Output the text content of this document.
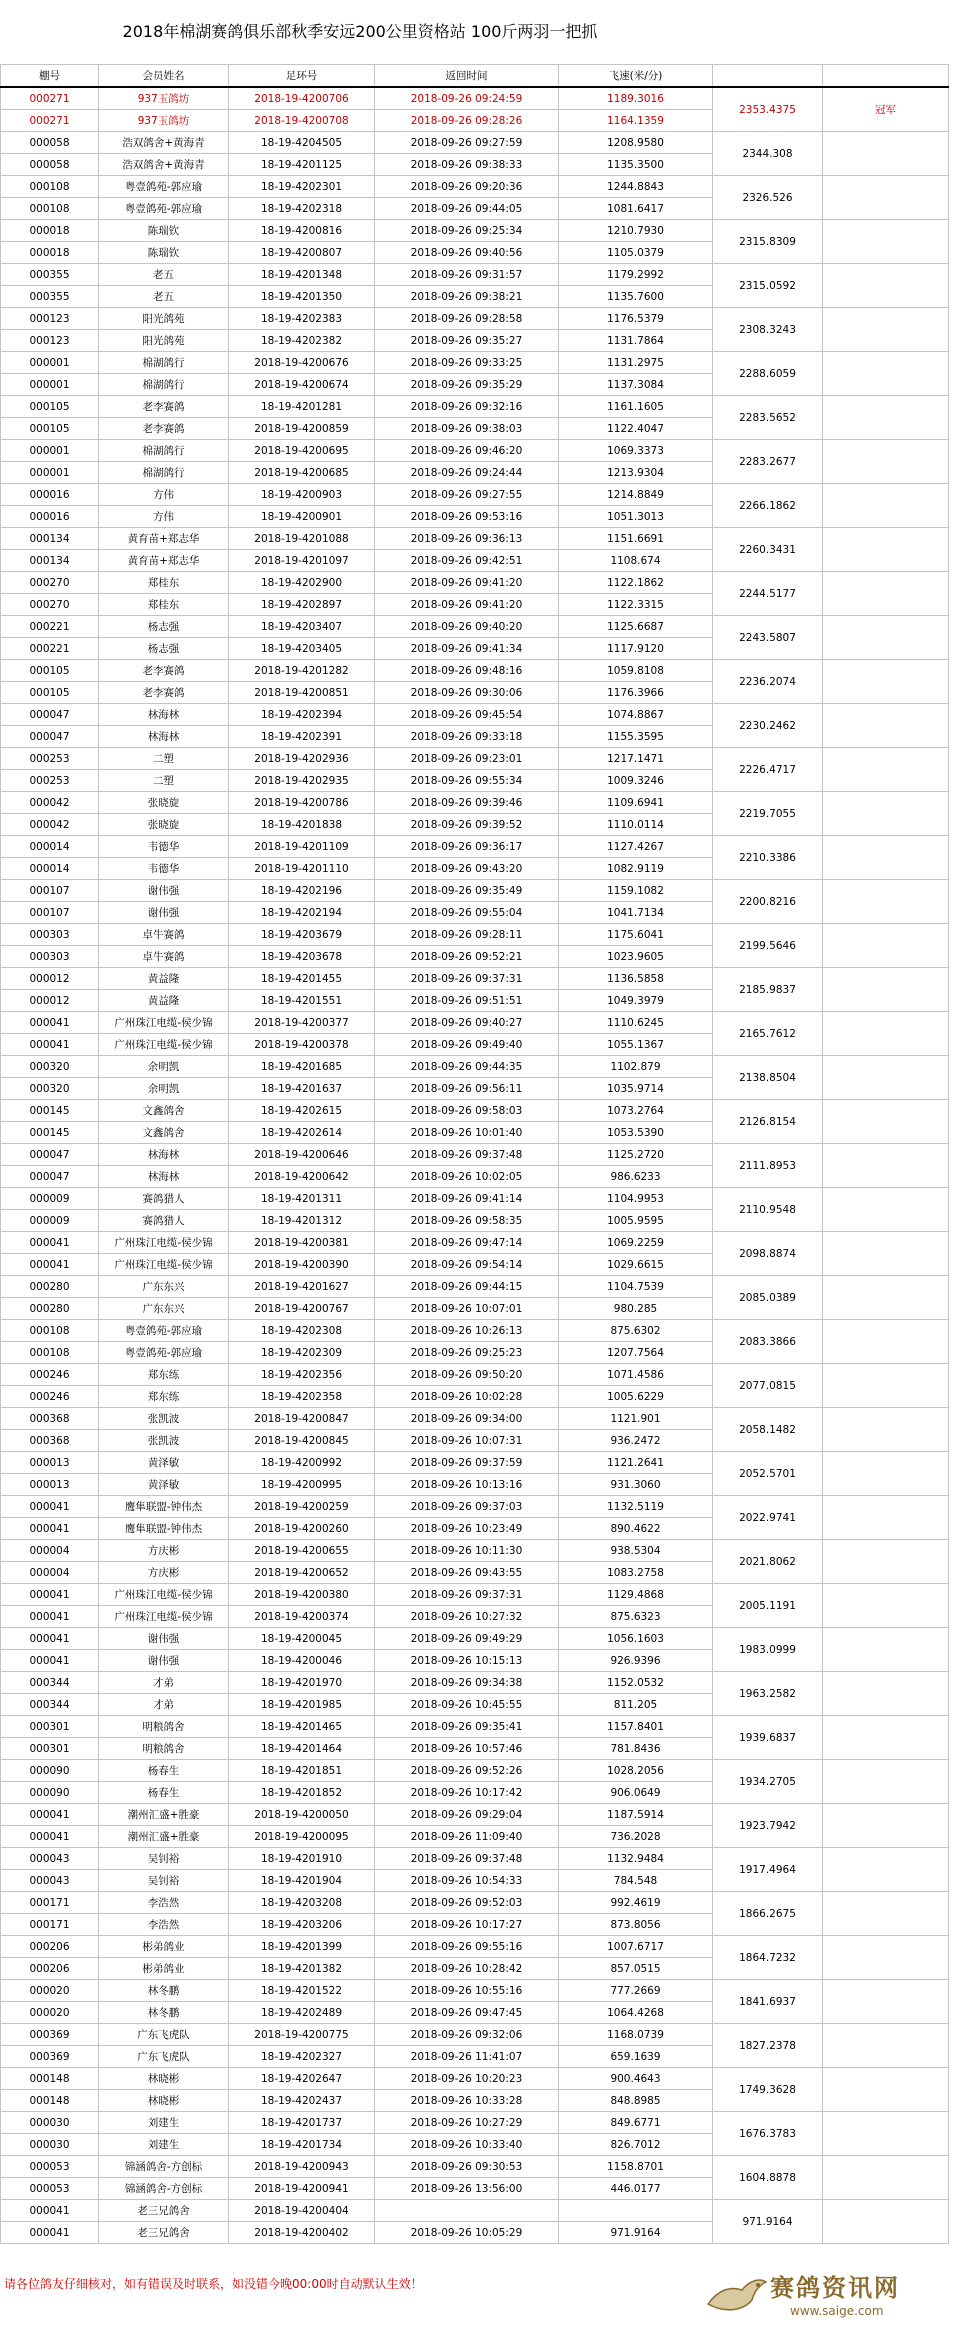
2018年棉湖赛鸽俱乐部秋季安远200公里资格站 100斤两羽一把抓
棚号	会员姓名	足环号	返回时间	飞速(米/分)		
000271	937玉鸽坊	2018-19-4200706	2018-09-26 09:24:59	1189.3016	2353.4375	冠军
000271	937玉鸽坊	2018-19-4200708	2018-09-26 09:28:26	1164.1359		
000058	浩双鸽舍+黄海青	18-19-4204505	2018-09-26 09:27:59	1208.9580	2344.308	
000058	浩双鸽舍+黄海青	18-19-4201125	2018-09-26 09:38:33	1135.3500		
000108	粤壹鸽苑-郭应瑜	18-19-4202301	2018-09-26 09:20:36	1244.8843	2326.526	
000108	粤壹鸽苑-郭应瑜	18-19-4202318	2018-09-26 09:44:05	1081.6417		
000018	陈瑞钦	18-19-4200816	2018-09-26 09:25:34	1210.7930	2315.8309	
000018	陈瑞钦	18-19-4200807	2018-09-26 09:40:56	1105.0379		
000355	老五	18-19-4201348	2018-09-26 09:31:57	1179.2992	2315.0592	
000355	老五	18-19-4201350	2018-09-26 09:38:21	1135.7600		
000123	阳光鸽苑	18-19-4202383	2018-09-26 09:28:58	1176.5379	2308.3243	
000123	阳光鸽苑	18-19-4202382	2018-09-26 09:35:27	1131.7864		
000001	棉湖鸽行	2018-19-4200676	2018-09-26 09:33:25	1131.2975	2288.6059	
000001	棉湖鸽行	2018-19-4200674	2018-09-26 09:35:29	1137.3084		
000105	老李赛鸽	18-19-4201281	2018-09-26 09:32:16	1161.1605	2283.5652	
000105	老李赛鸽	2018-19-4200859	2018-09-26 09:38:03	1122.4047		
000001	棉湖鸽行	2018-19-4200695	2018-09-26 09:46:20	1069.3373	2283.2677	
000001	棉湖鸽行	2018-19-4200685	2018-09-26 09:24:44	1213.9304		
000016	方伟	18-19-4200903	2018-09-26 09:27:55	1214.8849	2266.1862	
000016	方伟	18-19-4200901	2018-09-26 09:53:16	1051.3013		
000134	黄育苗+郑志华	2018-19-4201088	2018-09-26 09:36:13	1151.6691	2260.3431	
000134	黄育苗+郑志华	2018-19-4201097	2018-09-26 09:42:51	1108.674		
000270	郑桂东	18-19-4202900	2018-09-26 09:41:20	1122.1862	2244.5177	
000270	郑桂东	18-19-4202897	2018-09-26 09:41:20	1122.3315		
000221	杨志强	18-19-4203407	2018-09-26 09:40:20	1125.6687	2243.5807	
000221	杨志强	18-19-4203405	2018-09-26 09:41:34	1117.9120		
000105	老李赛鸽	2018-19-4201282	2018-09-26 09:48:16	1059.8108	2236.2074	
000105	老李赛鸽	2018-19-4200851	2018-09-26 09:30:06	1176.3966		
000047	林海林	18-19-4202394	2018-09-26 09:45:54	1074.8867	2230.2462	
000047	林海林	18-19-4202391	2018-09-26 09:33:18	1155.3595		
000253	二塑	2018-19-4202936	2018-09-26 09:23:01	1217.1471	2226.4717	
000253	二塑	2018-19-4202935	2018-09-26 09:55:34	1009.3246		
000042	张晓旋	2018-19-4200786	2018-09-26 09:39:46	1109.6941	2219.7055	
000042	张晓旋	18-19-4201838	2018-09-26 09:39:52	1110.0114		
000014	韦德华	2018-19-4201109	2018-09-26 09:36:17	1127.4267	2210.3386	
000014	韦德华	2018-19-4201110	2018-09-26 09:43:20	1082.9119		
000107	谢伟强	18-19-4202196	2018-09-26 09:35:49	1159.1082	2200.8216	
000107	谢伟强	18-19-4202194	2018-09-26 09:55:04	1041.7134		
000303	卓牛赛鸽	18-19-4203679	2018-09-26 09:28:11	1175.6041	2199.5646	
000303	卓牛赛鸽	18-19-4203678	2018-09-26 09:52:21	1023.9605		
000012	黄益隆	18-19-4201455	2018-09-26 09:37:31	1136.5858	2185.9837	
000012	黄益隆	18-19-4201551	2018-09-26 09:51:51	1049.3979		
000041	广州珠江电缆-侯少锦	2018-19-4200377	2018-09-26 09:40:27	1110.6245	2165.7612	
000041	广州珠江电缆-侯少锦	2018-19-4200378	2018-09-26 09:49:40	1055.1367		
000320	余明凯	18-19-4201685	2018-09-26 09:44:35	1102.879	2138.8504	
000320	余明凯	18-19-4201637	2018-09-26 09:56:11	1035.9714		
000145	文鑫鸽舍	18-19-4202615	2018-09-26 09:58:03	1073.2764	2126.8154	
000145	文鑫鸽舍	18-19-4202614	2018-09-26 10:01:40	1053.5390		
000047	林海林	2018-19-4200646	2018-09-26 09:37:48	1125.2720	2111.8953	
000047	林海林	2018-19-4200642	2018-09-26 10:02:05	986.6233		
000009	赛鸽猎人	18-19-4201311	2018-09-26 09:41:14	1104.9953	2110.9548	
000009	赛鸽猎人	18-19-4201312	2018-09-26 09:58:35	1005.9595		
000041	广州珠江电缆-侯少锦	2018-19-4200381	2018-09-26 09:47:14	1069.2259	2098.8874	
000041	广州珠江电缆-侯少锦	2018-19-4200390	2018-09-26 09:54:14	1029.6615		
000280	广东东兴	2018-19-4201627	2018-09-26 09:44:15	1104.7539	2085.0389	
000280	广东东兴	2018-19-4200767	2018-09-26 10:07:01	980.285		
000108	粤壹鸽苑-郭应瑜	18-19-4202308	2018-09-26 10:26:13	875.6302	2083.3866	
000108	粤壹鸽苑-郭应瑜	18-19-4202309	2018-09-26 09:25:23	1207.7564		
000246	郑东练	18-19-4202356	2018-09-26 09:50:20	1071.4586	2077.0815	
000246	郑东练	18-19-4202358	2018-09-26 10:02:28	1005.6229		
000368	张凯波	2018-19-4200847	2018-09-26 09:34:00	1121.901	2058.1482	
000368	张凯波	2018-19-4200845	2018-09-26 10:07:31	936.2472		
000013	黄泽敏	18-19-4200992	2018-09-26 09:37:59	1121.2641	2052.5701	
000013	黄泽敏	18-19-4200995	2018-09-26 10:13:16	931.3060		
000041	鹰隼联盟-钟伟杰	2018-19-4200259	2018-09-26 09:37:03	1132.5119	2022.9741	
000041	鹰隼联盟-钟伟杰	2018-19-4200260	2018-09-26 10:23:49	890.4622		
000004	方庆彬	2018-19-4200655	2018-09-26 10:11:30	938.5304	2021.8062	
000004	方庆彬	2018-19-4200652	2018-09-26 09:43:55	1083.2758		
000041	广州珠江电缆-侯少锦	2018-19-4200380	2018-09-26 09:37:31	1129.4868	2005.1191	
000041	广州珠江电缆-侯少锦	2018-19-4200374	2018-09-26 10:27:32	875.6323		
000041	谢伟强	18-19-4200045	2018-09-26 09:49:29	1056.1603	1983.0999	
000041	谢伟强	18-19-4200046	2018-09-26 10:15:13	926.9396		
000344	才弟	18-19-4201970	2018-09-26 09:34:38	1152.0532	1963.2582	
000344	才弟	18-19-4201985	2018-09-26 10:45:55	811.205		
000301	明粮鸽舍	18-19-4201465	2018-09-26 09:35:41	1157.8401	1939.6837	
000301	明粮鸽舍	18-19-4201464	2018-09-26 10:57:46	781.8436		
000090	杨春生	18-19-4201851	2018-09-26 09:52:26	1028.2056	1934.2705	
000090	杨春生	18-19-4201852	2018-09-26 10:17:42	906.0649		
000041	潮州汇盛+胜豪	2018-19-4200050	2018-09-26 09:29:04	1187.5914	1923.7942	
000041	潮州汇盛+胜豪	2018-19-4200095	2018-09-26 11:09:40	736.2028		
000043	吴钊裕	18-19-4201910	2018-09-26 09:37:48	1132.9484	1917.4964	
000043	吴钊裕	18-19-4201904	2018-09-26 10:54:33	784.548		
000171	李浩然	18-19-4203208	2018-09-26 09:52:03	992.4619	1866.2675	
000171	李浩然	18-19-4203206	2018-09-26 10:17:27	873.8056		
000206	彬弟鸽业	18-19-4201399	2018-09-26 09:55:16	1007.6717	1864.7232	
000206	彬弟鸽业	18-19-4201382	2018-09-26 10:28:42	857.0515		
000020	林冬鹏	18-19-4201522	2018-09-26 10:55:16	777.2669	1841.6937	
000020	林冬鹏	18-19-4202489	2018-09-26 09:47:45	1064.4268		
000369	广东飞虎队	2018-19-4200775	2018-09-26 09:32:06	1168.0739	1827.2378	
000369	广东飞虎队	18-19-4202327	2018-09-26 11:41:07	659.1639		
000148	林晓彬	18-19-4202647	2018-09-26 10:20:23	900.4643	1749.3628	
000148	林晓彬	18-19-4202437	2018-09-26 10:33:28	848.8985		
000030	刘建生	18-19-4201737	2018-09-26 10:27:29	849.6771	1676.3783	
000030	刘建生	18-19-4201734	2018-09-26 10:33:40	826.7012		
000053	锦涵鸽舍-方创标	2018-19-4200943	2018-09-26 09:30:53	1158.8701	1604.8878	
000053	锦涵鸽舍-方创标	2018-19-4200941	2018-09-26 13:56:00	446.0177		
000041	老三兄鸽舍	2018-19-4200404			971.9164	
000041	老三兄鸽舍	2018-19-4200402	2018-09-26 10:05:29	971.9164		
请各位鸽友仔细核对，如有错误及时联系，如没错今晚00:00时自动默认生效！	赛鸽资讯网
www.saige.com
